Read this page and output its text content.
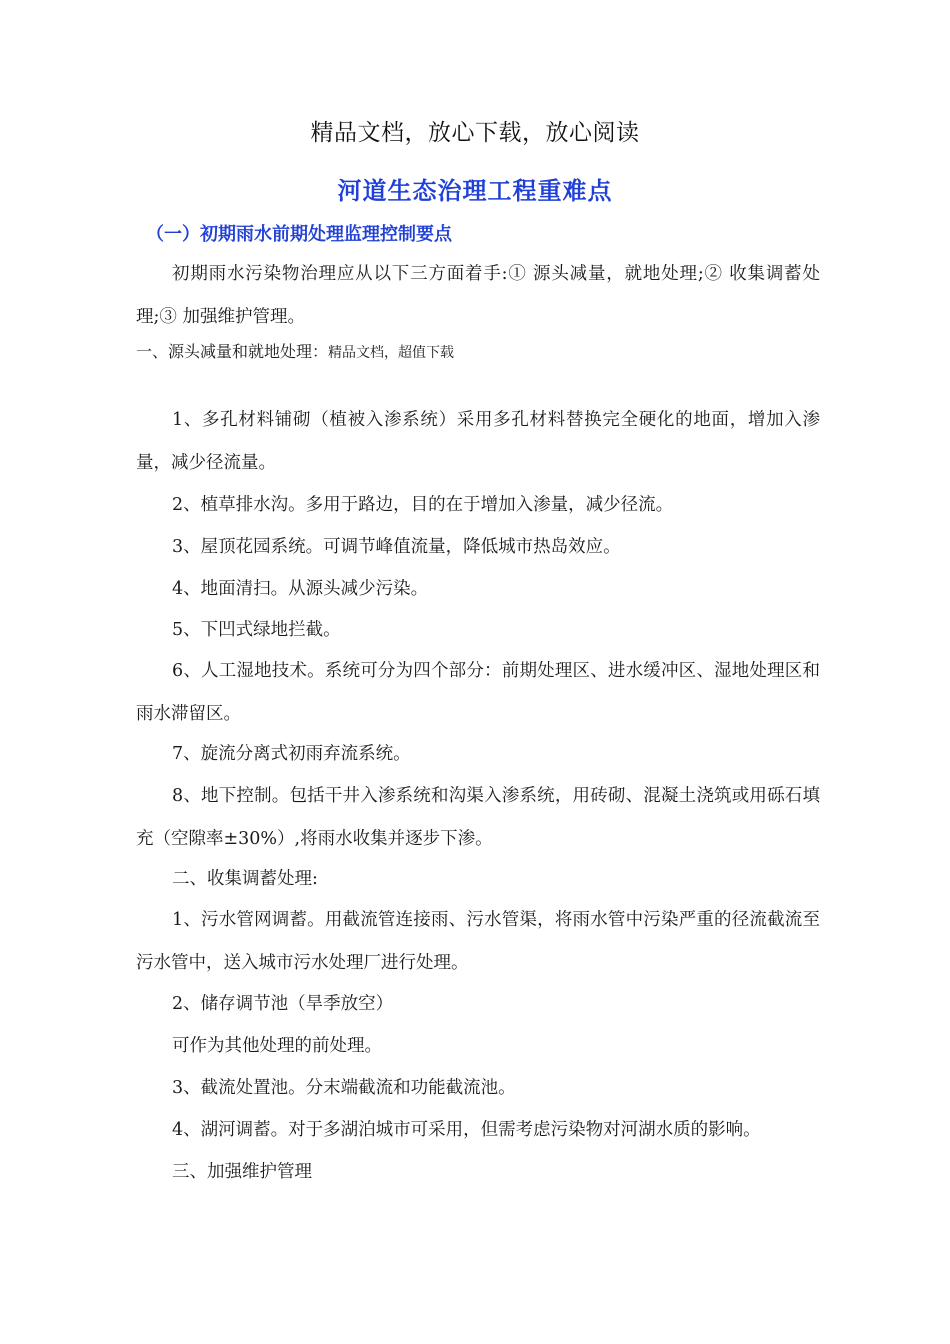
精品文档，放心下载，放心阅读
河道生态治理工程重难点
（一）初期雨水前期处理监理控制要点
初期雨水污染物治理应从以下三方面着手:① 源头减量，就地处理;② 收集调蓄处理;③ 加强维护管理。
一、源头减量和就地处理：精品文档，超值下载
1、多孔材料铺砌（植被入渗系统）采用多孔材料替换完全硬化的地面，增加入渗量，减少径流量。
2、植草排水沟。多用于路边，目的在于增加入渗量，减少径流。
3、屋顶花园系统。可调节峰值流量，降低城市热岛效应。
4、地面清扫。从源头减少污染。
5、下凹式绿地拦截。
6、人工湿地技术。系统可分为四个部分：前期处理区、进水缓冲区、湿地处理区和雨水滞留区。
7、旋流分离式初雨弃流系统。
8、地下控制。包括干井入渗系统和沟渠入渗系统，用砖砌、混凝土浇筑或用砾石填充（空隙率±30%）,将雨水收集并逐步下渗。
二、收集调蓄处理:
1、污水管网调蓄。用截流管连接雨、污水管渠，将雨水管中污染严重的径流截流至污水管中，送入城市污水处理厂进行处理。
2、储存调节池（旱季放空）
可作为其他处理的前处理。
3、截流处置池。分末端截流和功能截流池。
4、湖河调蓄。对于多湖泊城市可采用，但需考虑污染物对河湖水质的影响。
三、加强维护管理
